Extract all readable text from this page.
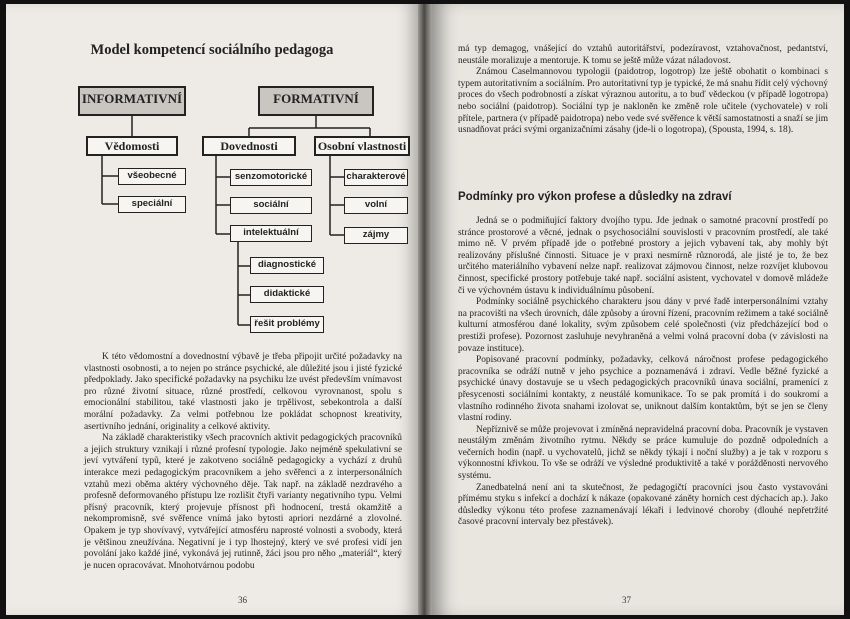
Model kompetencí sociálního pedagoga
INFORMATIVNÍ	FORMATIVNÍ
Vědomosti
všeobecné
speciální
Dovednosti
senzomotorické
sociální
intelektuální
diagnostické
didaktické
řešit problémy
Osobní vlastnosti
charakterové
volní
zájmy

K této vědomostní a dovednostní výbavě je třeba připojit určité požadavky na vlastnosti osobnosti, a to nejen po stránce psychické, ale důležité jsou i jisté fyzické předpoklady. Jako specifické požadavky na psychiku lze uvést především vnímavost pro různé životní situace, různé prostředí, celkovou vyrovnanost, spolu s emocionální stabilitou, také vlastnosti jako je trpělivost, sebekontrola a další morální požadavky. Za velmi potřebnou lze pokládat schopnost kreativity, asertivního jednání, originality a celkové aktivity.

Na základě charakteristiky všech pracovních aktivit pedagogických pracovníků a jejich struktury vznikají i různé profesní typologie. Jako nejméně spekulativní se jeví vytváření typů, které je zakotveno sociálně pedagogicky a vychází z druhů interakce mezi pedagogickým pracovníkem a jeho svěřenci a z interpersonálních vztahů mezi oběma aktéry výchovného děje. Tak např. na základě nezdravého a profesně deformovaného přístupu lze rozlišit čtyři varianty negativního typu. Velmi přísný pracovník, který projevuje přísnost při hodnocení, trestá okamžitě a nekompromisně, své svěřence vnímá jako bytosti apriori nezdárné a zlovolné. Opakem je typ shovívavý, vytvářející atmosféru naprosté volnosti a svobody, která je většinou zneužívána. Negativní je i typ lhostejný, který ve své profesi vidí jen povolání jako každé jiné, vykonává jej rutinně, žáci jsou pro něho „materiál“, který je nucen opracovávat. Mnohotvárnou podobu

36

má typ demagog, vnášející do vztahů autoritářství, podezíravost, vztahovačnost, pedantství, neustále moralizuje a mentoruje. K tomu se ještě může vázat náladovost.

Známou Caselmannovou typologii (paidotrop, logotrop) lze ještě obohatit o kombinaci s typem autoritativním a sociálním. Pro autoritativní typ je typické, že má snahu řídit celý výchovný proces do všech podrobností a získat výraznou autoritu, a to buď vědeckou (v případě logotropa) nebo sociální (paidotrop). Sociální typ je nakloněn ke změně role učitele (vychovatele) v roli přítele, partnera (v případě paidotropa) nebo vede své svěřence k větší samostatnosti a snaží se jim usnadňovat práci svými organizačními zásahy (jde-li o logotropa), (Spousta, 1994, s. 18).

Podmínky pro výkon profese a důsledky na zdraví

Jedná se o podmiňující faktory dvojího typu. Jde jednak o samotné pracovní prostředí po stránce prostorové a věcné, jednak o psychosociální souvislosti v pracovním prostředí, ale také mimo ně. V prvém případě jde o potřebné prostory a jejich vybavení tak, aby mohly být realizovány příslušné činnosti. Situace je v praxi nesmírně různorodá, ale jisté je to, že bez určitého materiálního vybavení nelze např. realizovat zájmovou činnost, nelze rozvíjet klubovou činnost, specifické prostory potřebuje také např. sociální asistent, vychovatel v domově mládeže či ve výchovném ústavu k individuálnímu působení.

Podmínky sociálně psychického charakteru jsou dány v prvé řadě interpersonálními vztahy na pracovišti na všech úrovních, dále způsoby a úrovní řízení, pracovním režimem a také sociálně kulturní atmosférou dané lokality, svým způsobem celé společnosti (viz předcházející bod o prestiži profese). Pozornost zasluhuje nevyhraněná a velmi volná pracovní doba (v závislosti na povaze instituce).

Popisované pracovní podmínky, požadavky, celková náročnost profese pedagogického pracovníka se odráží nutně v jeho psychice a poznamenává i zdraví. Vedle běžné fyzické a psychické únavy dostavuje se u všech pedagogických pracovníků únava sociální, pramenící z přesycenosti sociálními kontakty, z neustálé komunikace. To se pak promítá i do soukromí a vlastního rodinného života snahami izolovat se, uniknout dalším kontaktům, být se jen se členy vlastní rodiny.

Nepříznivě se může projevovat i zmíněná nepravidelná pracovní doba. Pracovník je vystaven neustálým změnám životního rytmu. Někdy se práce kumuluje do pozdně odpoledních a večerních hodin (např. u vychovatelů, jichž se někdy týkají i noční služby) a je tak v rozporu s výkonnostní křivkou. To vše se odráží ve výsledné produktivitě a také v porážděnosti nervového systému.

Zanedbatelná není ani ta skutečnost, že pedagogičtí pracovníci jsou často vystavováni přímému styku s infekcí a dochází k nákaze (opakované záněty horních cest dýchacích ap.). Jako důsledky výkonu této profese zaznamenávají lékaři i ledvinové choroby (dlouhé nepřetržité časové pracovní intervaly bez přestávek).

37
